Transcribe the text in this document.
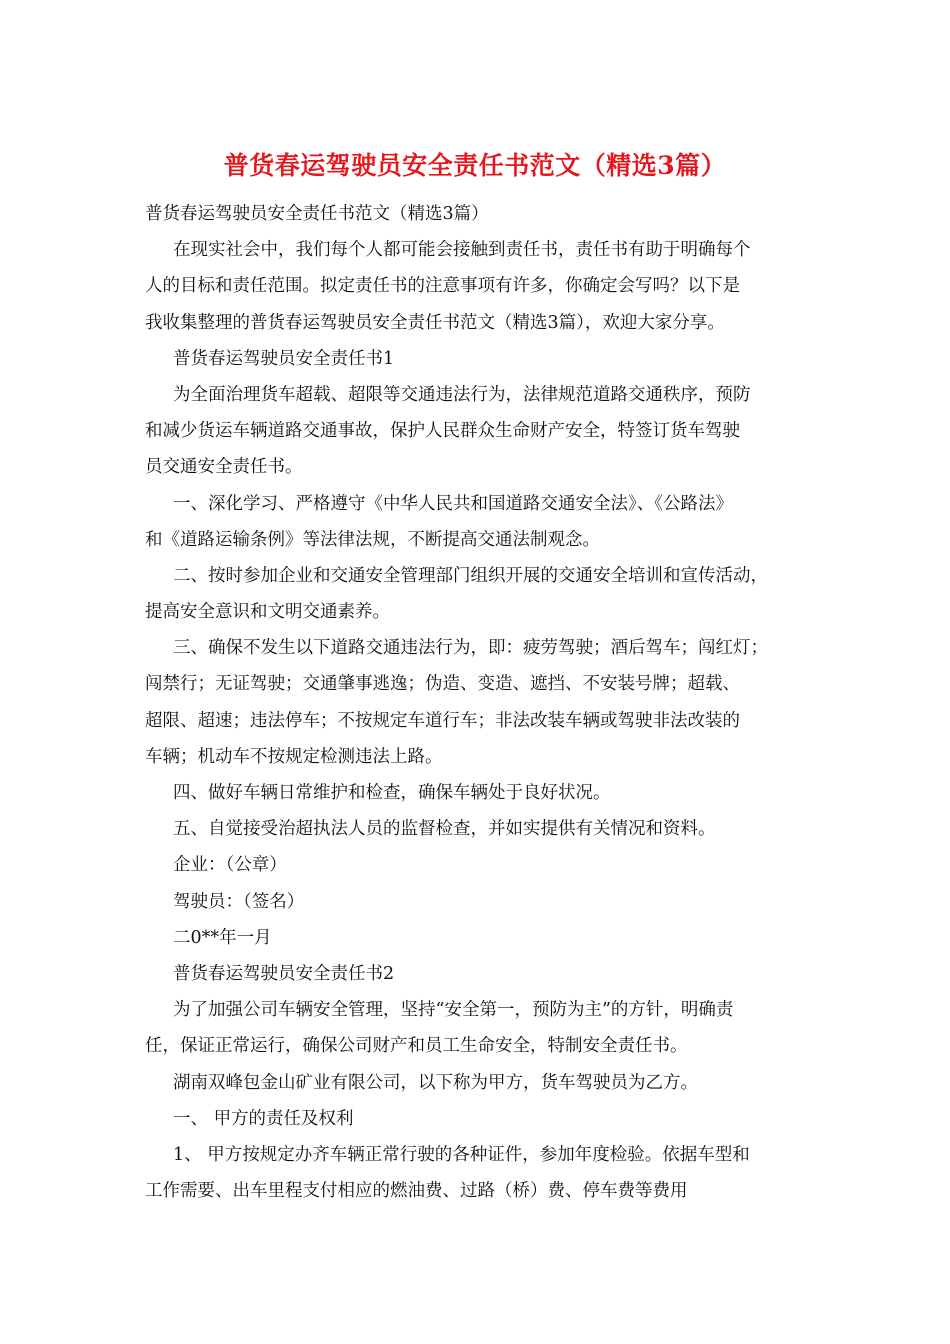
普货春运驾驶员安全责任书范文（精选3篇）
普货春运驾驶员安全责任书范文（精选3篇）
在现实社会中，我们每个人都可能会接触到责任书，责任书有助于明确每个
人的目标和责任范围。拟定责任书的注意事项有许多，你确定会写吗？以下是
我收集整理的普货春运驾驶员安全责任书范文（精选3篇），欢迎大家分享。
普货春运驾驶员安全责任书1
为全面治理货车超载、超限等交通违法行为，法律规范道路交通秩序，预防
和减少货运车辆道路交通事故，保护人民群众生命财产安全，特签订货车驾驶
员交通安全责任书。
一、深化学习、严格遵守《中华人民共和国道路交通安全法》、《公路法》
和《道路运输条例》等法律法规，不断提高交通法制观念。
二、按时参加企业和交通安全管理部门组织开展的交通安全培训和宣传活动，
提高安全意识和文明交通素养。
三、确保不发生以下道路交通违法行为，即：疲劳驾驶；酒后驾车；闯红灯；
闯禁行；无证驾驶；交通肇事逃逸；伪造、变造、遮挡、不安装号牌；超载、
超限、超速；违法停车；不按规定车道行车；非法改装车辆或驾驶非法改装的
车辆；机动车不按规定检测违法上路。
四、做好车辆日常维护和检查，确保车辆处于良好状况。
五、自觉接受治超执法人员的监督检查，并如实提供有关情况和资料。
企业：（公章）
驾驶员：（签名）
二0**年一月
普货春运驾驶员安全责任书2
为了加强公司车辆安全管理，坚持“安全第一，预防为主”的方针，明确责
任，保证正常运行，确保公司财产和员工生命安全，特制安全责任书。
湖南双峰包金山矿业有限公司，以下称为甲方，货车驾驶员为乙方。
一、 甲方的责任及权利
1、 甲方按规定办齐车辆正常行驶的各种证件，参加年度检验。依据车型和
工作需要、出车里程支付相应的燃油费、过路（桥）费、停车费等费用
